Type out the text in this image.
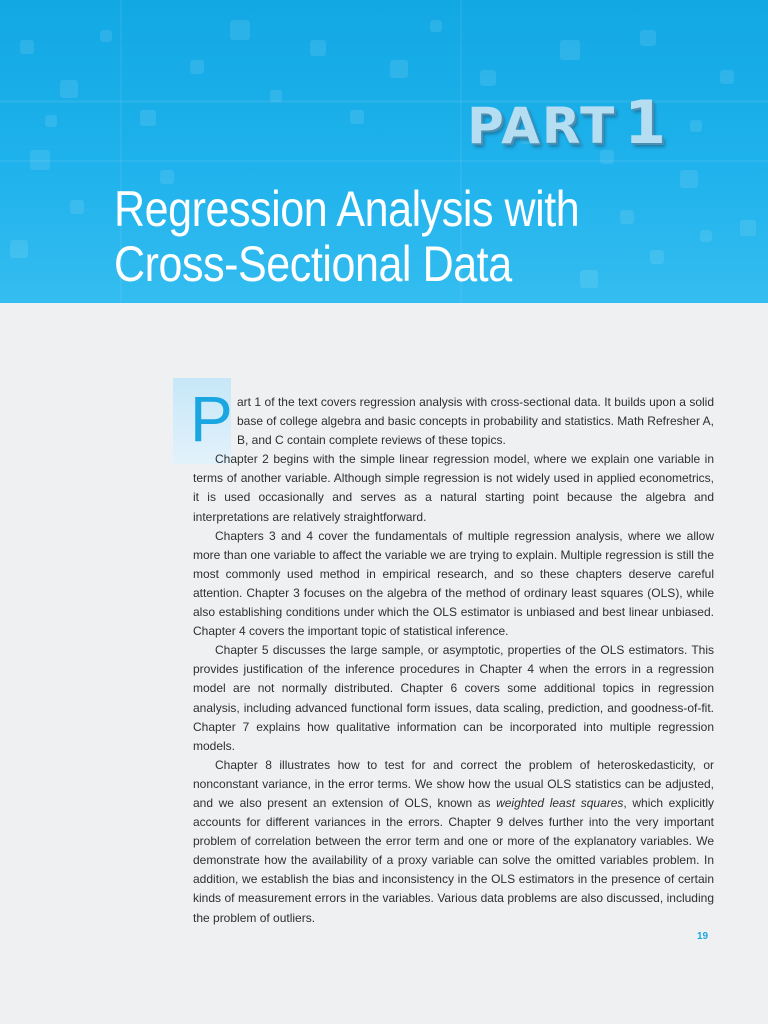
PART 1
Regression Analysis with
Cross-Sectional Data
P art 1 of the text covers regression analysis with cross-sectional data. It builds upon a solid base of college algebra and basic concepts in probability and statistics. Math Refresher A, B, and C contain complete reviews of these topics.

Chapter 2 begins with the simple linear regression model, where we explain one variable in terms of another variable. Although simple regression is not widely used in applied econometrics, it is used occasionally and serves as a natural starting point because the algebra and interpretations are relatively straightforward.

Chapters 3 and 4 cover the fundamentals of multiple regression analysis, where we allow more than one variable to affect the variable we are trying to explain. Multiple regression is still the most commonly used method in empirical research, and so these chapters deserve careful attention. Chapter 3 focuses on the algebra of the method of ordinary least squares (OLS), while also establishing conditions under which the OLS estimator is unbiased and best linear unbiased. Chapter 4 covers the important topic of statistical inference.

Chapter 5 discusses the large sample, or asymptotic, properties of the OLS estimators. This provides justification of the inference procedures in Chapter 4 when the errors in a regression model are not normally distributed. Chapter 6 covers some additional topics in regression analysis, including advanced functional form issues, data scaling, prediction, and goodness-of-fit. Chapter 7 explains how qualitative information can be incorporated into multiple regression models.

Chapter 8 illustrates how to test for and correct the problem of heteroskedasticity, or nonconstant variance, in the error terms. We show how the usual OLS statistics can be adjusted, and we also present an extension of OLS, known as weighted least squares, which explicitly accounts for different variances in the errors. Chapter 9 delves further into the very important problem of correlation between the error term and one or more of the explanatory variables. We demonstrate how the availability of a proxy variable can solve the omitted variables problem. In addition, we establish the bias and inconsistency in the OLS estimators in the presence of certain kinds of measurement errors in the variables. Various data problems are also discussed, including the problem of outliers.

19
